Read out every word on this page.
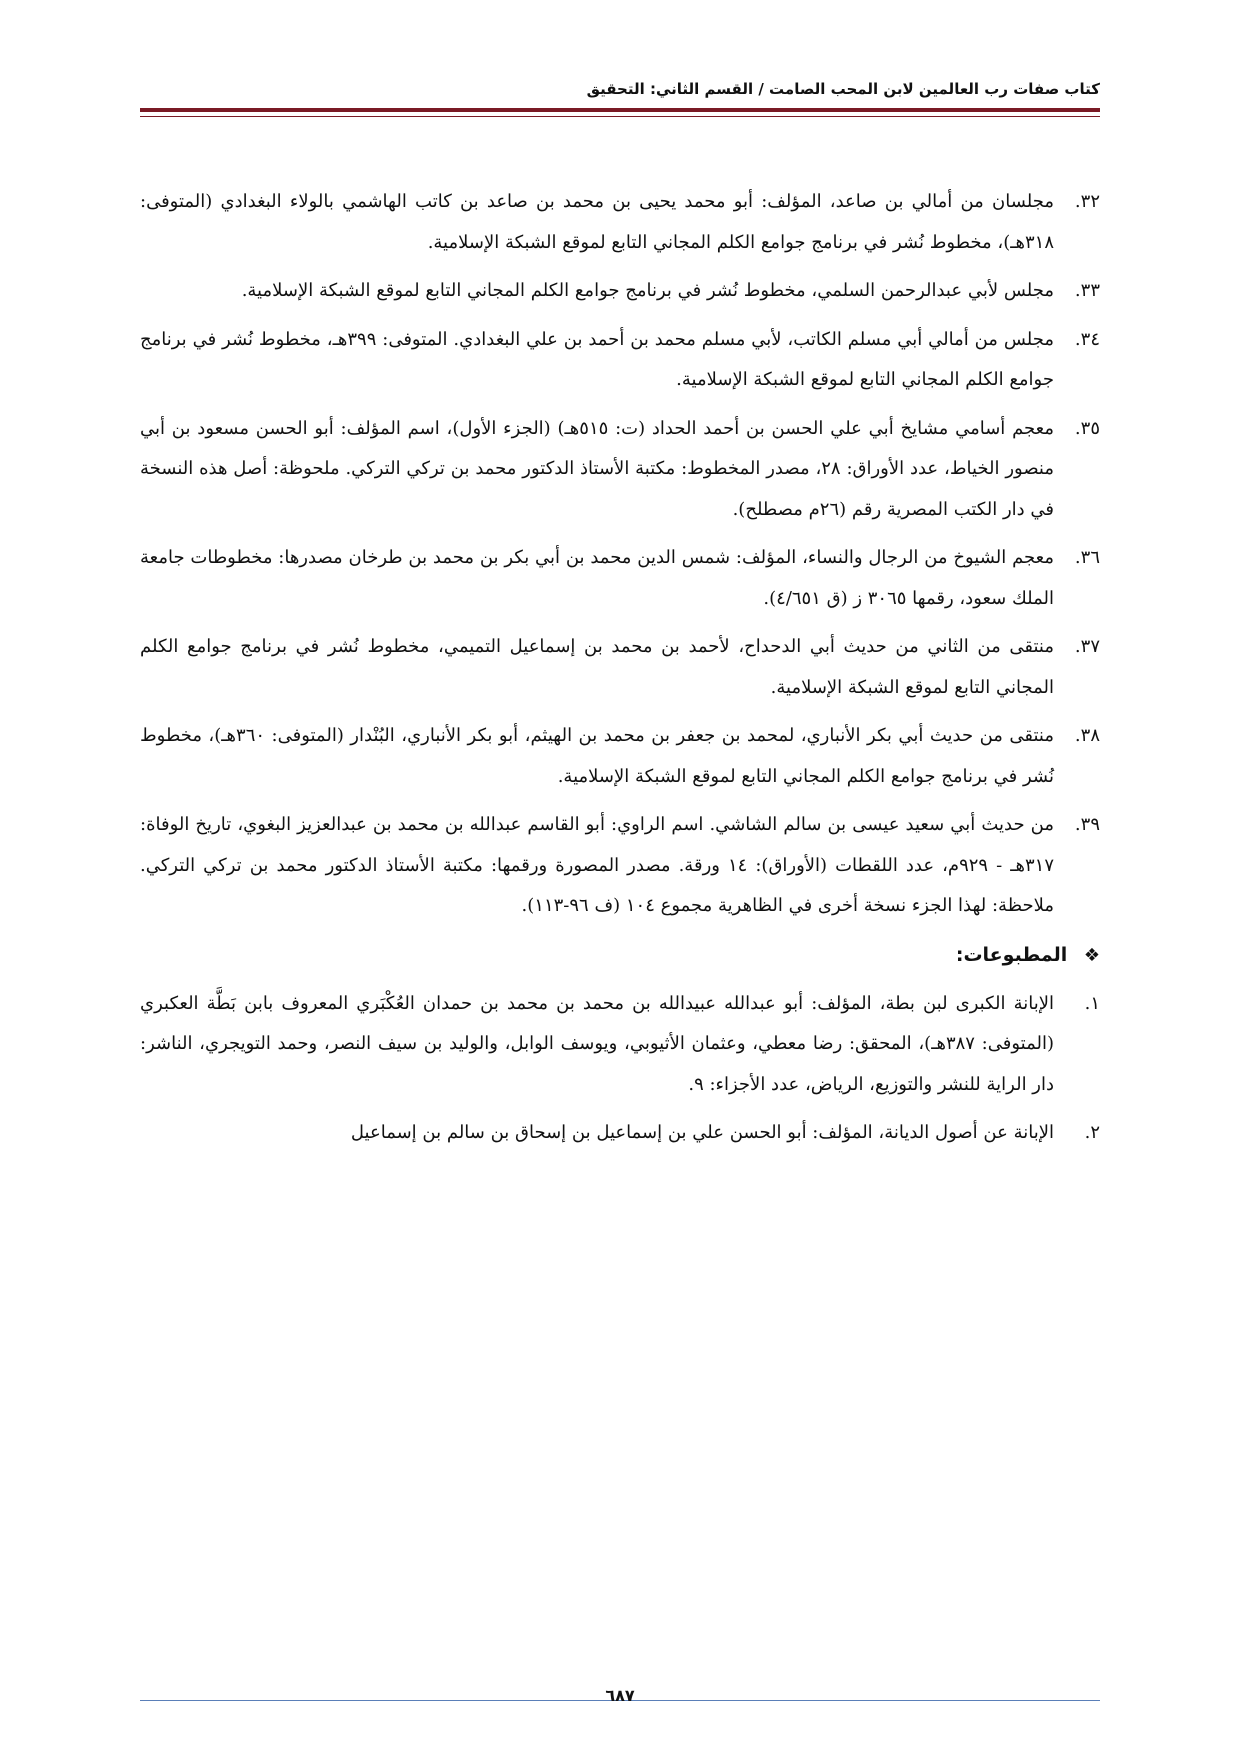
كتاب صفات رب العالمين لابن المحب الصامت / القسم الثاني: التحقيق
٣٢.
مجلسان من أمالي بن صاعد، المؤلف: أبو محمد يحيى بن محمد بن صاعد بن كاتب الهاشمي بالولاء البغدادي (المتوفى: ٣١٨هـ)، مخطوط نُشر في برنامج جوامع الكلم المجاني التابع لموقع الشبكة الإسلامية.
٣٣.
مجلس لأبي عبدالرحمن السلمي، مخطوط نُشر في برنامج جوامع الكلم المجاني التابع لموقع الشبكة الإسلامية.
٣٤.
مجلس من أمالي أبي مسلم الكاتب، لأبي مسلم محمد بن أحمد بن علي البغدادي. المتوفى: ٣٩٩هـ، مخطوط نُشر في برنامج جوامع الكلم المجاني التابع لموقع الشبكة الإسلامية.
٣٥.
معجم أسامي مشايخ أبي علي الحسن بن أحمد الحداد (ت: ٥١٥هـ) (الجزء الأول)، اسم المؤلف: أبو الحسن مسعود بن أبي منصور الخياط، عدد الأوراق: ٢٨، مصدر المخطوط: مكتبة الأستاذ الدكتور محمد بن تركي التركي. ملحوظة: أصل هذه النسخة في دار الكتب المصرية رقم (٢٦م مصطلح).
٣٦.
معجم الشيوخ من الرجال والنساء، المؤلف: شمس الدين محمد بن أبي بكر بن محمد بن طرخان مصدرها: مخطوطات جامعة الملك سعود، رقمها ٣٠٦٥ ز (ق ٤/٦٥١).
٣٧.
منتقى من الثاني من حديث أبي الدحداح، لأحمد بن محمد بن إسماعيل التميمي، مخطوط نُشر في برنامج جوامع الكلم المجاني التابع لموقع الشبكة الإسلامية.
٣٨.
منتقى من حديث أبي بكر الأنباري، لمحمد بن جعفر بن محمد بن الهيثم، أبو بكر الأنباري، البُنْدار (المتوفى: ٣٦٠هـ)، مخطوط نُشر في برنامج جوامع الكلم المجاني التابع لموقع الشبكة الإسلامية.
٣٩.
من حديث أبي سعيد عيسى بن سالم الشاشي. اسم الراوي: أبو القاسم عبدالله بن محمد بن عبدالعزيز البغوي، تاريخ الوفاة: ٣١٧هـ - ٩٢٩م، عدد اللقطات (الأوراق): ١٤ ورقة. مصدر المصورة ورقمها: مكتبة الأستاذ الدكتور محمد بن تركي التركي. ملاحظة: لهذا الجزء نسخة أخرى في الظاهرية مجموع ١٠٤ (ف ٩٦-١١٣).
❖ المطبوعات:
١.
الإبانة الكبرى لبن بطة، المؤلف: أبو عبدالله عبيدالله بن محمد بن محمد بن حمدان العُكْبَري المعروف بابن بَطَّة العكبري (المتوفى: ٣٨٧هـ)، المحقق: رضا معطي، وعثمان الأثيوبي، ويوسف الوابل، والوليد بن سيف النصر، وحمد التويجري، الناشر: دار الراية للنشر والتوزيع، الرياض، عدد الأجزاء: ٩.
٢.
الإبانة عن أصول الديانة، المؤلف: أبو الحسن علي بن إسماعيل بن إسحاق بن سالم بن إسماعيل
٦٨٧
